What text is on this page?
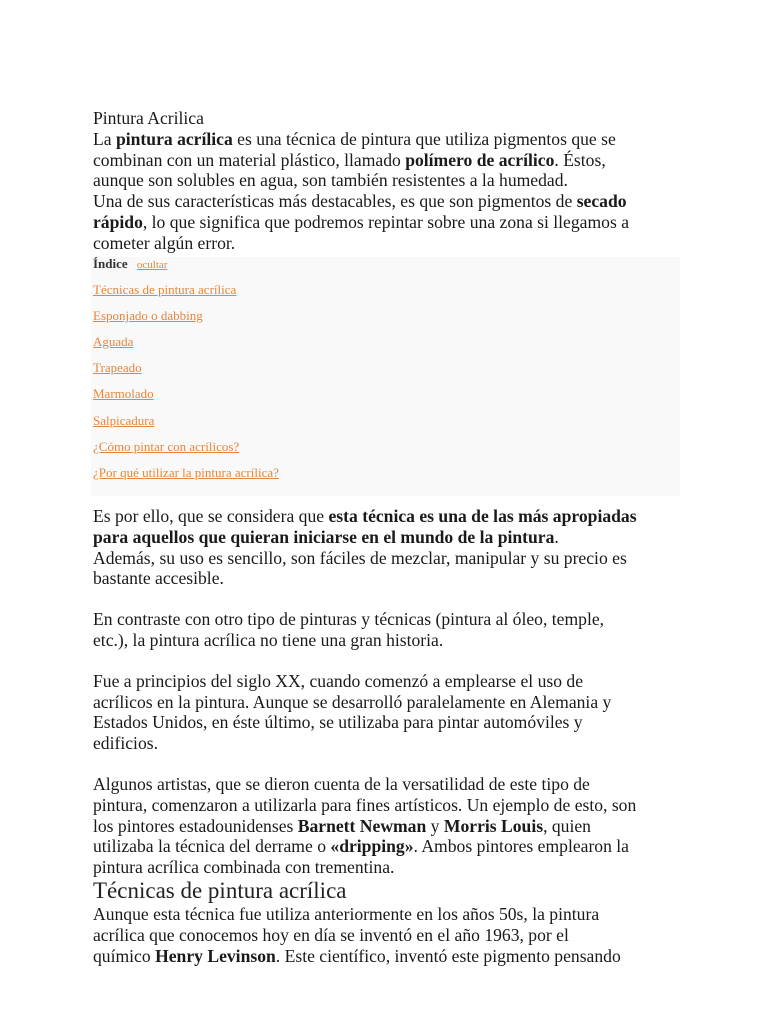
Pintura Acrilica

La pintura acrílica es una técnica de pintura que utiliza pigmentos que se

combinan con un material plástico, llamado polímero de acrílico. Éstos,

aunque son solubles en agua, son también resistentes a la humedad.

Una de sus características más destacables, es que son pigmentos de secado

rápido, lo que significa que podremos repintar sobre una zona si llegamos a

cometer algún error.

Índice ocultar
Técnicas de pintura acrílica
Esponjado o dabbing
Aguada
Trapeado
Marmolado
Salpicadura
¿Cómo pintar con acrílicos?
¿Por qué utilizar la pintura acrílica?

Es por ello, que se considera que esta técnica es una de las más apropiadas

para aquellos que quieran iniciarse en el mundo de la pintura.

Además, su uso es sencillo, son fáciles de mezclar, manipular y su precio es

bastante accesible.

En contraste con otro tipo de pinturas y técnicas (pintura al óleo, temple,

etc.), la pintura acrílica no tiene una gran historia.

Fue a principios del siglo XX, cuando comenzó a emplearse el uso de

acrílicos en la pintura. Aunque se desarrolló paralelamente en Alemania y

Estados Unidos, en éste último, se utilizaba para pintar automóviles y

edificios.

Algunos artistas, que se dieron cuenta de la versatilidad de este tipo de

pintura, comenzaron a utilizarla para fines artísticos. Un ejemplo de esto, son

los pintores estadounidenses Barnett Newman y Morris Louis, quien

utilizaba la técnica del derrame o «dripping». Ambos pintores emplearon la

pintura acrílica combinada con trementina.

Técnicas de pintura acrílica

Aunque esta técnica fue utiliza anteriormente en los años 50s, la pintura

acrílica que conocemos hoy en día se inventó en el año 1963, por el

químico Henry Levinson. Este científico, inventó este pigmento pensando
